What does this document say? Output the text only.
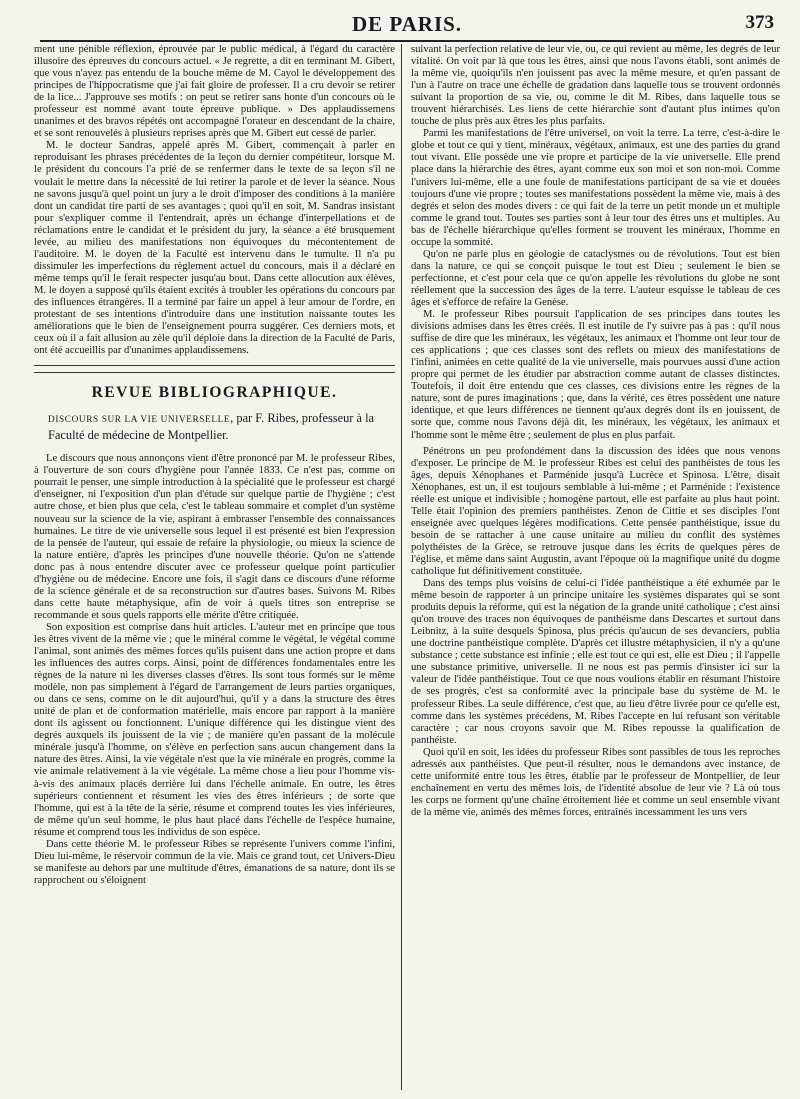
DE PARIS.	373

ment une pénible réflexion, éprouvée par le public médical, à l'égard du caractère illusoire des épreuves du concours actuel. « Je regrette, a dit en terminant M. Gibert, que vous n'ayez pas entendu de la bouche même de M. Cayol le développement des principes de l'hippocratisme que j'ai fait gloire de professer. Il a cru devoir se retirer de la lice... J'approuve ses motifs : on peut se retirer sans honte d'un concours où le professeur est nommé avant toute épreuve publique. » Des applaudissemens unanimes et des bravos répétés ont accompagné l'orateur en descendant de la chaire, et se sont renouvelés à plusieurs reprises après que M. Gibert eut cessé de parler.

M. le docteur Sandras, appelé après M. Gibert, commençait à parler en reproduisant les phrases précédentes de la leçon du dernier compétiteur, lorsque M. le président du concours l'a prié de se renfermer dans le texte de sa leçon s'il ne voulait le mettre dans la nécessité de lui retirer la parole et de lever la séance. Nous ne savons jusqu'à quel point un jury a le droit d'imposer des conditions à la manière dont un candidat tire parti de ses avantages ; quoi qu'il en soit, M. Sandras insistant pour s'expliquer comme il l'entendrait, après un échange d'interpellations et de réclamations entre le candidat et le président du jury, la séance a été brusquement levée, au milieu des manifestations non équivoques du mécontentement de l'auditoire. M. le doyen de la Faculté est intervenu dans le tumulte. Il n'a pu dissimuler les imperfections du règlement actuel du concours, mais il a déclaré en même temps qu'il le ferait respecter jusqu'au bout. Dans cette allocution aux élèves, M. le doyen a supposé qu'ils étaient excités à troubler les opérations du concours par des influences étrangères. Il a terminé par faire un appel à leur amour de l'ordre, en protestant de ses intentions d'introduire dans une institution naissante toutes les améliorations que le bien de l'enseignement pourra suggérer. Ces derniers mots, et ceux où il a fait allusion au zèle qu'il déploie dans la direction de la Faculté de Paris, ont été accueillis par d'unanimes applaudissemens.

REVUE BIBLIOGRAPHIQUE.

DISCOURS SUR LA VIE UNIVERSELLE, par F. Ribes, professeur à la Faculté de médecine de Montpellier.

Le discours que nous annonçons vient d'être prononcé par M. le professeur Ribes, à l'ouverture de son cours d'hygiène pour l'année 1833. Ce n'est pas, comme on pourrait le penser, une simple introduction à la spécialité que le professeur est chargé d'enseigner, ni l'exposition d'un plan d'étude sur quelque partie de l'hygiène ; c'est autre chose, et bien plus que cela, c'est le tableau sommaire et complet d'un système nouveau sur la science de la vie, aspirant à embrasser l'ensemble des connaissances humaines. Le titre de vie universelle sous lequel il est présenté est bien l'expression de la pensée de l'auteur, qui essaie de refaire la physiologie, ou mieux la science de la nature entière, d'après les principes d'une nouvelle théorie. Qu'on ne s'attende donc pas à nous entendre discuter avec ce professeur quelque point particulier d'hygiène ou de médecine. Encore une fois, il s'agit dans ce discours d'une réforme de la science générale et de sa reconstruction sur d'autres bases. Suivons M. Ribes dans cette haute métaphysique, afin de voir à quels titres son entreprise se recommande et sous quels rapports elle mérite d'être critiquée.

Son exposition est comprise dans huit articles. L'auteur met en principe que tous les êtres vivent de la même vie ; que le minéral comme le végétal, le végétal comme l'animal, sont animés des mêmes forces qu'ils puisent dans une action propre et dans les influences des autres corps. Ainsi, point de différences fondamentales entre les règnes de la nature ni les diverses classes d'êtres. Ils sont tous formés sur le même modèle, non pas simplement à l'égard de l'arrangement de leurs parties organiques, ou dans ce sens, comme on le dit aujourd'hui, qu'il y a dans la structure des êtres unité de plan et de conformation matérielle, mais encore par rapport à la manière dont ils agissent ou fonctionnent. L'unique différence qui les distingue vient des degrés auxquels ils jouissent de la vie ; de manière qu'en passant de la molécule minérale jusqu'à l'homme, on s'élève en perfection sans aucun changement dans la nature des êtres. Ainsi, la vie végétale n'est que la vie minérale en progrès, comme la vie animale relativement à la vie végétale. La même chose a lieu pour l'homme vis-à-vis des animaux placés derrière lui dans l'échelle animale. En outre, les êtres supérieurs contiennent et résument les vies des êtres inférieurs ; de sorte que l'homme, qui est à la tête de la série, résume et comprend toutes les vies inférieures, de même qu'un seul homme, le plus haut placé dans l'échelle de l'espèce humaine, résume et comprend tous les individus de son espèce.

Dans cette théorie M. le professeur Ribes se représente l'univers comme l'infini, Dieu lui-même, le réservoir commun de la vie. Mais ce grand tout, cet Univers-Dieu se manifeste au dehors par une multitude d'êtres, émanations de sa nature, dont ils se rapprochent ou s'éloignent

suivant la perfection relative de leur vie, ou, ce qui revient au même, les degrés de leur vitalité. On voit par là que tous les êtres, ainsi que nous l'avons établi, sont animés de la même vie, quoiqu'ils n'en jouissent pas avec la même mesure, et qu'en passant de l'un à l'autre on trace une échelle de gradation dans laquelle tous se trouvent ordonnés suivant la proportion de sa vie, ou, comme le dit M. Ribes, dans laquelle tous se trouvent hiérarchisés. Les liens de cette hiérarchie sont d'autant plus intimes qu'on touche de plus près aux êtres les plus parfaits.

Parmi les manifestations de l'être universel, on voit la terre. La terre, c'est-à-dire le globe et tout ce qui y tient, minéraux, végétaux, animaux, est une des parties du grand tout vivant. Elle possède une vie propre et participe de la vie universelle. Elle prend place dans la hiérarchie des êtres, ayant comme eux son moi et son non-moi. Comme l'univers lui-même, elle a une foule de manifestations participant de sa vie et douées toujours d'une vie propre ; toutes ses manifestations possèdent la même vie, mais à des degrés et selon des modes divers : ce qui fait de la terre un petit monde un et multiple comme le grand tout. Toutes ses parties sont à leur tour des êtres uns et multiples. Au bas de l'échelle hiérarchique qu'elles forment se trouvent les minéraux, l'homme en occupe la sommité.

Qu'on ne parle plus en géologie de cataclysmes ou de révolutions. Tout est bien dans la nature, ce qui se conçoit puisque le tout est Dieu ; seulement le bien se perfectionne, et c'est pour cela que ce qu'on appelle les révolutions du globe ne sont réellement que la succession des âges de la terre. L'auteur esquisse le tableau de ces âges et s'efforce de refaire la Genèse.

M. le professeur Ribes poursuit l'application de ses principes dans toutes les divisions admises dans les êtres créés. Il est inutile de l'y suivre pas à pas : qu'il nous suffise de dire que les minéraux, les végétaux, les animaux et l'homme ont leur tour de ces applications ; que ces classes sont des reflets ou mieux des manifestations de l'infini, animées en cette qualité de la vie universelle, mais pourvues aussi d'une action propre qui permet de les étudier par abstraction comme autant de classes distinctes. Toutefois, il doit être entendu que ces classes, ces divisions entre les règnes de la nature, sont de pures imaginations ; que, dans la vérité, ces êtres possèdent une nature identique, et que leurs différences ne tiennent qu'aux degrés dont ils en jouissent, de sorte que, comme nous l'avons déjà dit, les minéraux, les végétaux, les animaux et l'homme sont le même être ; seulement de plus en plus parfait.

Pénétrons un peu profondément dans la discussion des idées que nous venons d'exposer. Le principe de M. le professeur Ribes est celui des panthéistes de tous les âges, depuis Xénophanes et Parménide jusqu'à Lucrèce et Spinosa. L'être, disait Xénophanes, est un, il est toujours semblable à lui-même ; et Parménide : l'existence réelle est unique et indivisible ; homogène partout, elle est parfaite au plus haut point. Telle était l'opinion des premiers panthéistes. Zenon de Cittie et ses disciples l'ont enseignée avec quelques légères modifications. Cette pensée panthéistique, issue du besoin de se rattacher à une cause unitaire au milieu du conflit des systèmes polythéistes de la Grèce, se retrouve jusque dans les écrits de quelques pères de l'église, et même dans saint Augustin, avant l'époque où la magnifique unité du dogme catholique fut définitivement constituée.

Dans des temps plus voisins de celui-ci l'idée panthéistique a été exhumée par le même besoin de rapporter à un principe unitaire les systèmes disparates qui se sont produits depuis la réforme, qui est la négation de la grande unité catholique ; c'est ainsi qu'on trouve des traces non équivoques de panthéisme dans Descartes et surtout dans Leibnitz, à la suite desquels Spinosa, plus précis qu'aucun de ses devanciers, publia une doctrine panthéistique complète. D'après cet illustre métaphysicien, il n'y a qu'une substance ; cette substance est infinie ; elle est tout ce qui est, elle est Dieu ; il l'appelle une substance primitive, universelle. Il ne nous est pas permis d'insister ici sur la valeur de l'idée panthéistique. Tout ce que nous voulions établir en résumant l'histoire de ses progrès, c'est sa conformité avec la principale base du système de M. le professeur Ribes. La seule différence, c'est que, au lieu d'être livrée pour ce qu'elle est, comme dans les systèmes précédens, M. Ribes l'accepte en lui refusant son véritable caractère ; car nous croyons savoir que M. Ribes repousse la qualification de panthéiste.

Quoi qu'il en soit, les idées du professeur Ribes sont passibles de tous les reproches adressés aux panthéistes. Que peut-il résulter, nous le demandons avec instance, de cette uniformité entre tous les êtres, établie par le professeur de Montpellier, de leur enchaînement en vertu des mêmes lois, de l'identité absolue de leur vie ? Là où tous les corps ne forment qu'une chaîne étroitement liée et comme un seul ensemble vivant de la même vie, animés des mêmes forces, entraînés incessamment les uns vers
